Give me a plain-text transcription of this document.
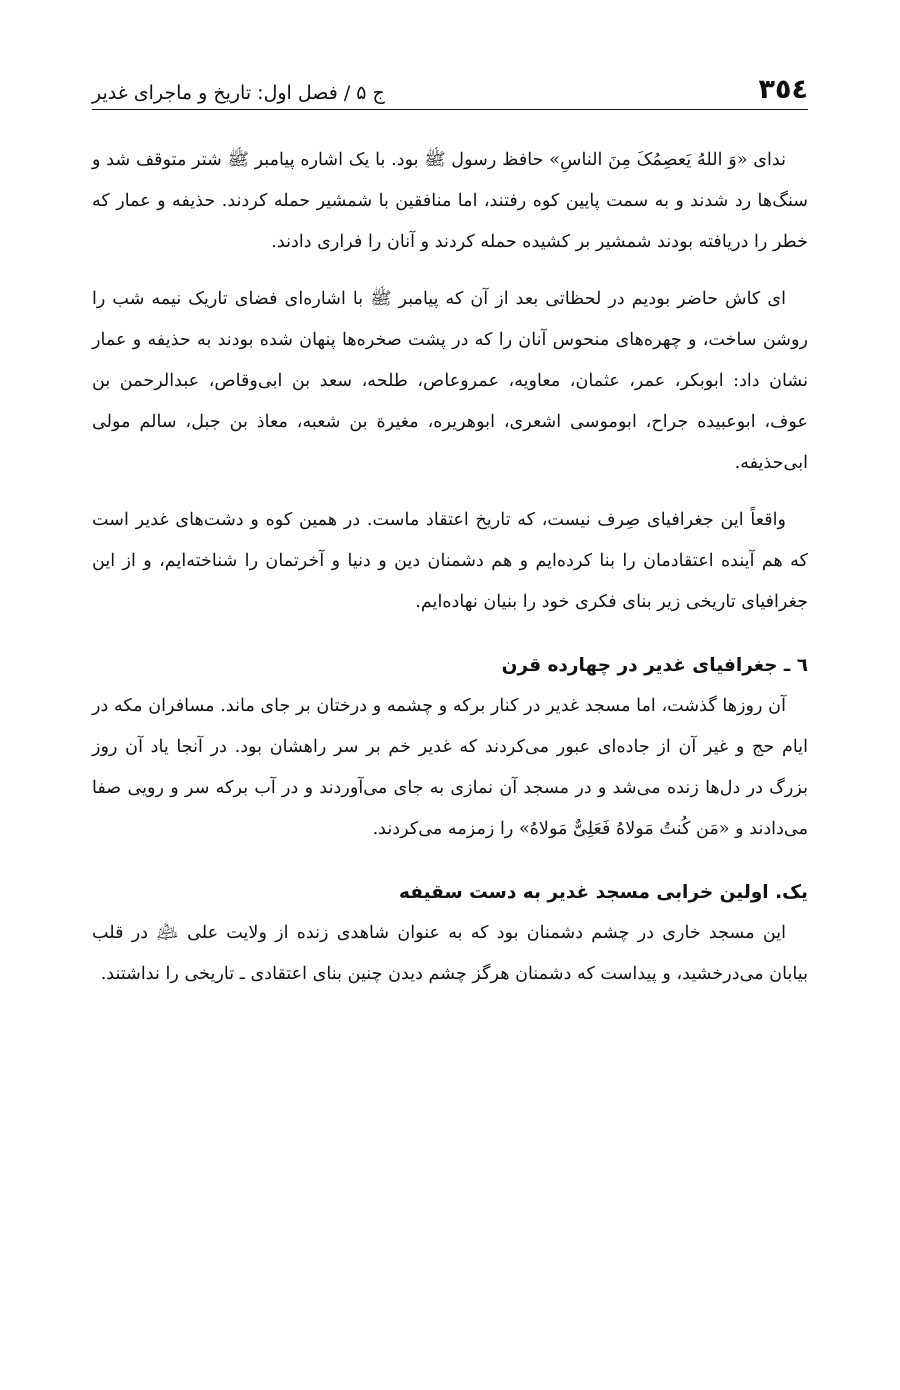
٣٥٤
ج ۵ / فصل اول: تاریخ و ماجرای غدیر

ندای «وَ اللهُ یَعصِمُکَ مِنَ الناسِ» حافظ رسول ﷺ بود. با یک اشاره پیامبر ﷺ شتر متوقف شد و سنگ‌ها رد شدند و به سمت پایین کوه رفتند، اما منافقین با شمشیر حمله کردند. حذیفه و عمار که خطر را دریافته بودند شمشیر بر کشیده حمله کردند و آنان را فراری دادند.

ای کاش حاضر بودیم در لحظاتی بعد از آن که پیامبر ﷺ با اشاره‌ای فضای تاریک نیمه شب را روشن ساخت، و چهره‌های منحوس آنان را که در پشت صخره‌ها پنهان شده بودند به حذیفه و عمار نشان داد: ابوبکر، عمر، عثمان، معاویه، عمروعاص، طلحه، سعد بن ابی‌وقاص، عبدالرحمن بن عوف، ابوعبیده جراح، ابوموسی اشعری، ابوهریره، مغیرة بن شعبه، معاذ بن جبل، سالم مولی ابی‌حذیفه.

واقعاً این جغرافیای صِرف نیست، که تاریخ اعتقاد ماست. در همین کوه و دشت‌های غدیر است که هم آینده اعتقادمان را بنا کرده‌ایم و هم دشمنان دین و دنیا و آخرتمان را شناخته‌ایم، و از این جغرافیای تاریخی زیر بنای فکری خود را بنیان نهاده‌ایم.

٦ ـ جغرافیای غدیر در چهارده قرن

آن روزها گذشت، اما مسجد غدیر در کنار برکه و چشمه و درختان بر جای ماند. مسافران مکه در ایام حج و غیر آن از جاده‌ای عبور می‌کردند که غدیر خم بر سر راهشان بود. در آنجا یاد آن روز بزرگ در دل‌ها زنده می‌شد و در مسجد آن نمازی به جای می‌آوردند و در آب برکه سر و رویی صفا می‌دادند و «مَن کُنتُ مَولاهُ فَعَلِیٌّ مَولاهُ» را زمزمه می‌کردند.

یک. اولین خرابی مسجد غدیر به دست سقیفه

این مسجد خاری در چشم دشمنان بود که به عنوان شاهدی زنده از ولایت علی ﵇ در قلب بیابان می‌درخشید، و پیداست که دشمنان هرگز چشم دیدن چنین بنای اعتقادی ـ تاریخی را نداشتند.
